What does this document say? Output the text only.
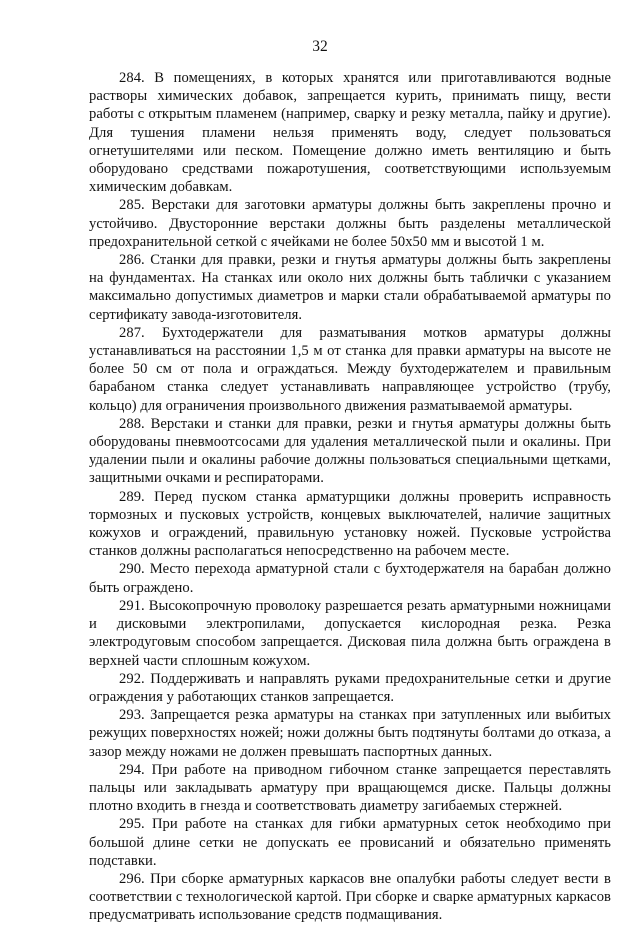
32

284. В помещениях, в которых хранятся или приготавливаются водные растворы химических добавок, запрещается курить, принимать пищу, вести работы с открытым пламенем (например, сварку и резку металла, пайку и другие). Для тушения пламени нельзя применять воду, следует пользоваться огнетушителями или песком. Помещение должно иметь вентиляцию и быть оборудовано средствами пожаротушения, соответствующими используемым химическим добавкам.

285. Верстаки для заготовки арматуры должны быть закреплены прочно и устойчиво. Двусторонние верстаки должны быть разделены металлической предохранительной сеткой с ячейками не более 50x50 мм и высотой 1 м.

286. Станки для правки, резки и гнутья арматуры должны быть закреплены на фундаментах. На станках или около них должны быть таблички с указанием максимально допустимых диаметров и марки стали обрабатываемой арматуры по сертификату завода-изготовителя.

287. Бухтодержатели для разматывания мотков арматуры должны устанавливаться на расстоянии 1,5 м от станка для правки арматуры на высоте не более 50 см от пола и ограждаться. Между бухтодержателем и правильным барабаном станка следует устанавливать направляющее устройство (трубу, кольцо) для ограничения произвольного движения разматываемой арматуры.

288. Верстаки и станки для правки, резки и гнутья арматуры должны быть оборудованы пневмоотсосами для удаления металлической пыли и окалины. При удалении пыли и окалины рабочие должны пользоваться специальными щетками, защитными очками и респираторами.

289. Перед пуском станка арматурщики должны проверить исправность тормозных и пусковых устройств, концевых выключателей, наличие защитных кожухов и ограждений, правильную установку ножей. Пусковые устройства станков должны располагаться непосредственно на рабочем месте.

290. Место перехода арматурной стали с бухтодержателя на барабан должно быть ограждено.

291. Высокопрочную проволоку разрешается резать арматурными ножницами и дисковыми электропилами, допускается кислородная резка. Резка электродуговым способом запрещается. Дисковая пила должна быть ограждена в верхней части сплошным кожухом.

292. Поддерживать и направлять руками предохранительные сетки и другие ограждения у работающих станков запрещается.

293. Запрещается резка арматуры на станках при затупленных или выбитых режущих поверхностях ножей; ножи должны быть подтянуты болтами до отказа, а зазор между ножами не должен превышать паспортных данных.

294. При работе на приводном гибочном станке запрещается переставлять пальцы или закладывать арматуру при вращающемся диске. Пальцы должны плотно входить в гнезда и соответствовать диаметру загибаемых стержней.

295. При работе на станках для гибки арматурных сеток необходимо при большой длине сетки не допускать ее провисаний и обязательно применять подставки.

296. При сборке арматурных каркасов вне опалубки работы следует вести в соответствии с технологической картой. При сборке и сварке арматурных каркасов предусматривать использование средств подмащивания.
